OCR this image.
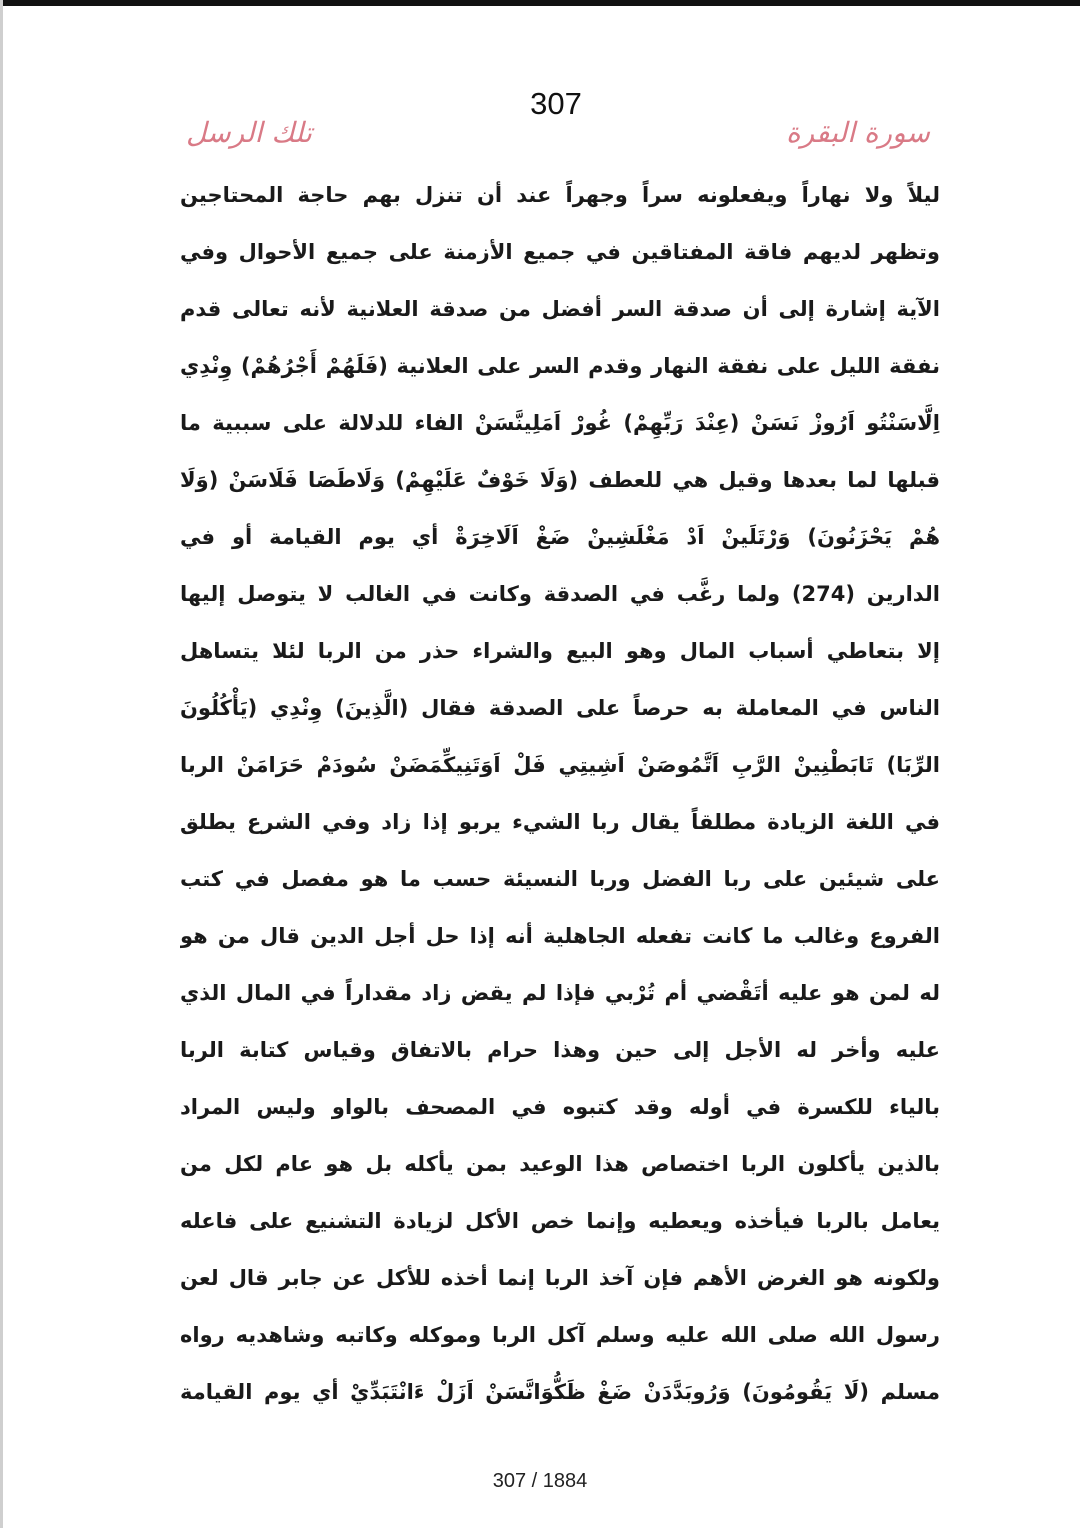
307
سورة البقرة
تلك الرسل
ليلاً ولا نهاراً ويفعلونه سراً وجهراً عند أن تنزل بهم حاجة المحتاجين
وتظهر لديهم فاقة المفتاقين في جميع الأزمنة على جميع الأحوال وفي
الآية إشارة إلى أن صدقة السر أفضل من صدقة العلانية لأنه تعالى قدم
نفقة الليل على نفقة النهار وقدم السر على العلانية (فَلَهُمْ أَجْرُهُمْ) وِنْدِي
اِلَّاسَنْتُو اَرُوزْ نَسَنْ (عِنْدَ رَبِّهِمْ) غُورْ اَمَلِينَّسَنْ الفاء للدلالة على سببية ما
قبلها لما بعدها وقيل هي للعطف (وَلَا خَوْفٌ عَلَيْهِمْ) وَلَاطَصَا فَلَاسَنْ (وَلَا
هُمْ يَحْزَنُونَ) وَرْتَلَينْ اَدْ مَغْلَشِينْ ضَغْ اَلَاخِرَةْ أي يوم القيامة أو في
الدارين (274) ولما رغَّب في الصدقة وكانت في الغالب لا يتوصل إليها
إلا بتعاطي أسباب المال وهو البيع والشراء حذر من الربا لئلا يتساهل
الناس في المعاملة به حرصاً على الصدقة فقال (الَّذِينَ) وِنْدِي (يَأْكُلُونَ
الرِّبَا) تَابَطْنِينْ الرَّبِ اَتَّمُوصَنْ اَشِيتِي فَلْ اَوَتَنِيكِّمَضَنْ سُودَمْ حَرَامَنْ الربا
في اللغة الزيادة مطلقاً يقال ربا الشيء يربو إذا زاد وفي الشرع يطلق
على شيئين على ربا الفضل وربا النسيئة حسب ما هو مفصل في كتب
الفروع وغالب ما كانت تفعله الجاهلية أنه إذا حل أجل الدين قال من هو
له لمن هو عليه أتَقْضي أم تُرْبي فإذا لم يقض زاد مقداراً في المال الذي
عليه وأخر له الأجل إلى حين وهذا حرام بالاتفاق وقياس كتابة الربا
بالياء للكسرة في أوله وقد كتبوه في المصحف بالواو وليس المراد
بالذين يأكلون الربا اختصاص هذا الوعيد بمن يأكله بل هو عام لكل من
يعامل بالربا فيأخذه ويعطيه وإنما خص الأكل لزيادة التشنيع على فاعله
ولكونه هو الغرض الأهم فإن آخذ الربا إنما أخذه للأكل عن جابر قال لعن
رسول الله صلى الله عليه وسلم آكل الربا وموكله وكاتبه وشاهديه رواه
مسلم (لَا يَقُومُونَ) وَرُوبَدَّدَنْ ضَغْ ظَكُّوَانَّسَنْ اَزَلْ ءَانْتَبَدِّيْ أي يوم القيامة
307 / 1884
